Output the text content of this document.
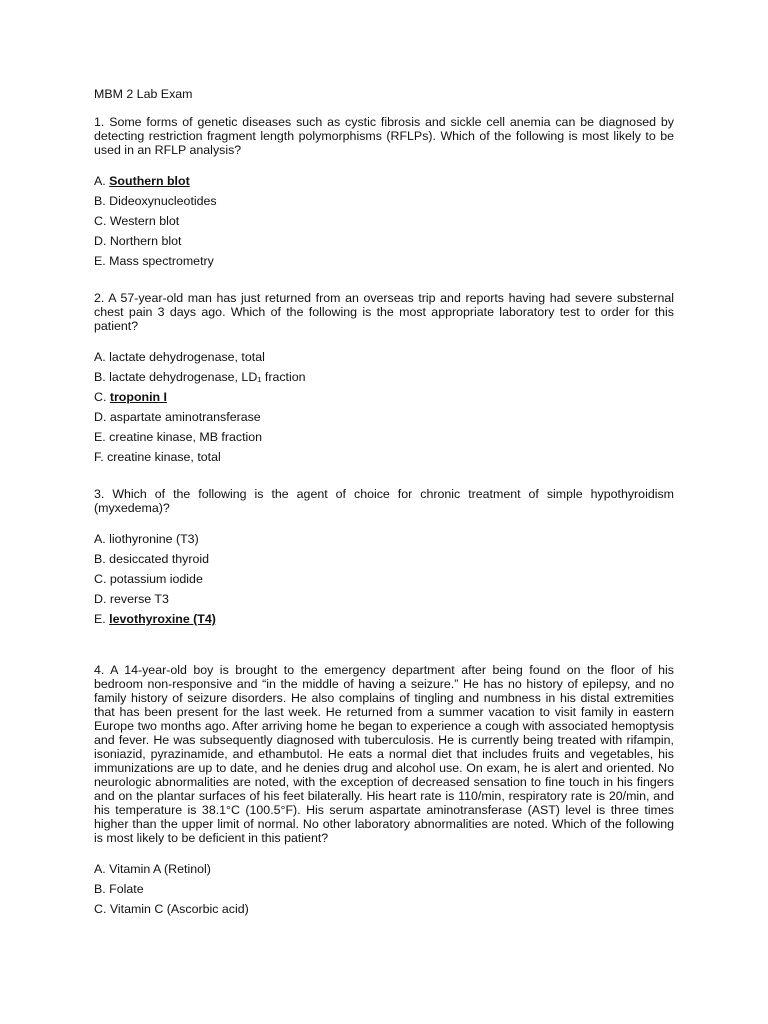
MBM 2 Lab Exam
1. Some forms of genetic diseases such as cystic fibrosis and sickle cell anemia can be diagnosed by detecting restriction fragment length polymorphisms (RFLPs). Which of the following is most likely to be used in an RFLP analysis?
A. Southern blot
B. Dideoxynucleotides
C. Western blot
D. Northern blot
E. Mass spectrometry
2. A 57-year-old man has just returned from an overseas trip and reports having had severe substernal chest pain 3 days ago. Which of the following is the most appropriate laboratory test to order for this patient?
A. lactate dehydrogenase, total
B. lactate dehydrogenase, LD₁ fraction
C. troponin I
D. aspartate aminotransferase
E. creatine kinase, MB fraction
F. creatine kinase, total
3. Which of the following is the agent of choice for chronic treatment of simple hypothyroidism (myxedema)?
A. liothyronine (T3)
B. desiccated thyroid
C. potassium iodide
D. reverse T3
E. levothyroxine (T4)
4. A 14-year-old boy is brought to the emergency department after being found on the floor of his bedroom non-responsive and “in the middle of having a seizure.” He has no history of epilepsy, and no family history of seizure disorders. He also complains of tingling and numbness in his distal extremities that has been present for the last week. He returned from a summer vacation to visit family in eastern Europe two months ago. After arriving home he began to experience a cough with associated hemoptysis and fever. He was subsequently diagnosed with tuberculosis. He is currently being treated with rifampin, isoniazid, pyrazinamide, and ethambutol. He eats a normal diet that includes fruits and vegetables, his immunizations are up to date, and he denies drug and alcohol use. On exam, he is alert and oriented. No neurologic abnormalities are noted, with the exception of decreased sensation to fine touch in his fingers and on the plantar surfaces of his feet bilaterally. His heart rate is 110/min, respiratory rate is 20/min, and his temperature is 38.1°C (100.5°F). His serum aspartate aminotransferase (AST) level is three times higher than the upper limit of normal. No other laboratory abnormalities are noted. Which of the following is most likely to be deficient in this patient?
A. Vitamin A (Retinol)
B. Folate
C. Vitamin C (Ascorbic acid)
